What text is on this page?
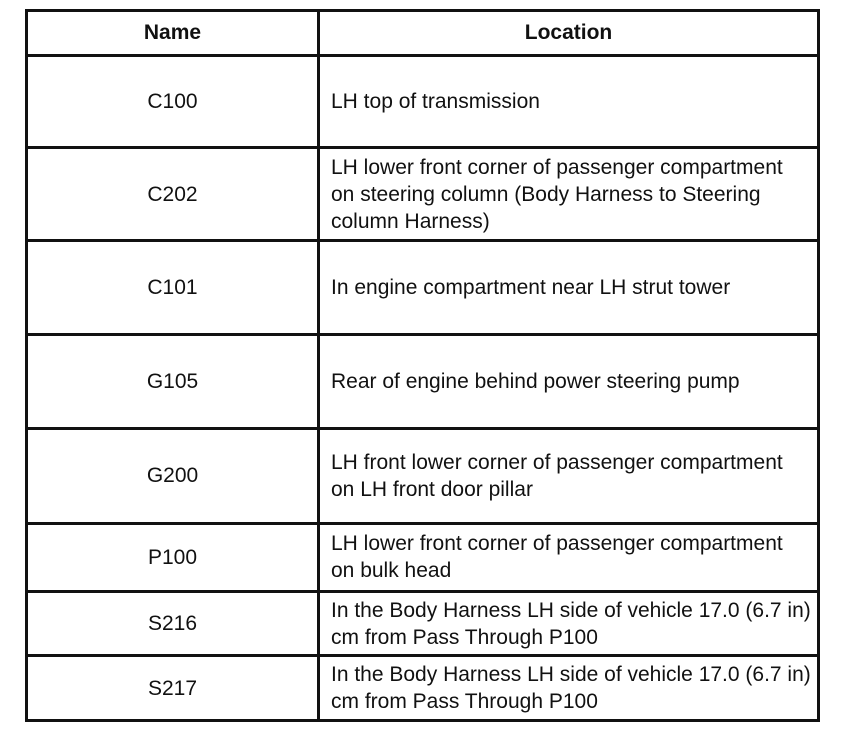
Name	Location
C100	LH top of transmission
C202	LH lower front corner of passenger compartment on steering column (Body Harness to Steering column Harness)
C101	In engine compartment near LH strut tower
G105	Rear of engine behind power steering pump
G200	LH front lower corner of passenger compartment on LH front door pillar
P100	LH lower front corner of passenger compartment on bulk head
S216	In the Body Harness LH side of vehicle 17.0 (6.7 in) cm from Pass Through P100
S217	In the Body Harness LH side of vehicle 17.0 (6.7 in) cm from Pass Through P100
